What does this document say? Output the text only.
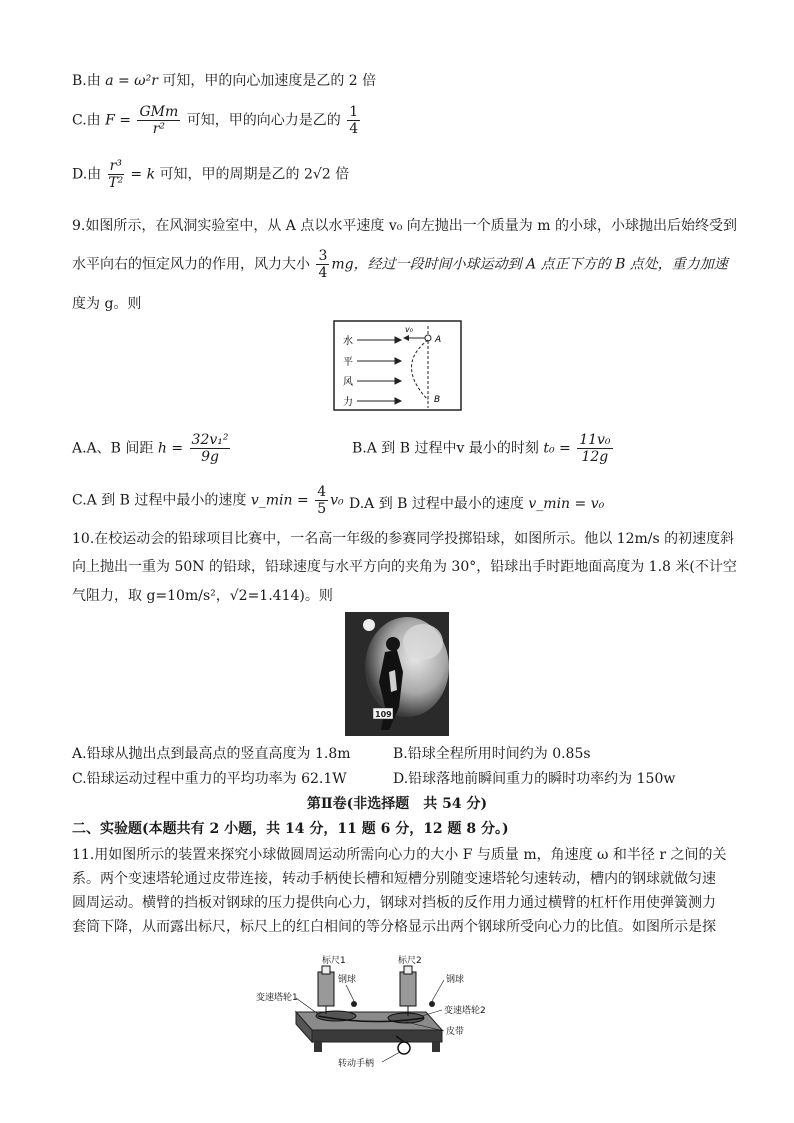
B.由 a = ω²r 可知，甲的向心加速度是乙的 2 倍
C.由 $F = \frac{\text{GMm}}{\text{r²}}$ 可知，甲的向心力是乙的 $\frac{1}{4}$
D.由 $\frac{\text{r³}}{\text{T²}} = k$ 可知，甲的周期是乙的 2√2 倍
9.如图所示，在风洞实验室中，从 A 点以水平速度 v₀ 向左抛出一个质量为 m 的小球，小球抛出后始终受到
水平向右的恒定风力的作用，风力大小 $\frac{3}{4}$ mg，经过一段时间小球运动到 A 点正下方的 B 点处，重力加速
度为 g。则
水
平
风
力
v₀
A
B
A.A、B 间距 $h = \frac{\text{32v₁²}}{9g}$	B.A 到 B 过程中v 最小的时刻 $t_0 = \frac{\text{11v₀}}{12g}$
C.A 到 B 过程中最小的速度 v_min = $\frac{4}{5} v_0$ D.A 到 B 过程中最小的速度 v_min = v₀
10.在校运动会的铅球项目比赛中，一名高一年级的参赛同学投掷铅球，如图所示。他以 12m/s 的初速度斜
向上抛出一重为 50N 的铅球，铅球速度与水平方向的夹角为 30°，铅球出手时距地面高度为 1.8 米(不计空
气阻力，取 g=10m/s²，√2=1.414)。则
109
A.铅球从抛出点到最高点的竖直高度为 1.8m	B.铅球全程所用时间约为 0.85s
C.铅球运动过程中重力的平均功率为 62.1W	D.铅球落地前瞬间重力的瞬时功率约为 150w
第Ⅱ卷(非选择题　共 54 分)
二、实验题(本题共有 2 小题，共 14 分，11 题 6 分，12 题 8 分。)
11.用如图所示的装置来探究小球做圆周运动所需向心力的大小 F 与质量 m，角速度 ω 和半径 r 之间的关
系。两个变速塔轮通过皮带连接，转动手柄使长槽和短槽分别随变速塔轮匀速转动，槽内的钢球就做匀速
圆周运动。横臂的挡板对钢球的压力提供向心力，钢球对挡板的反作用力通过横臂的杠杆作用使弹簧测力
套筒下降，从而露出标尺，标尺上的红白相间的等分格显示出两个钢球所受向心力的比值。如图所示是探
标尺1	标尺2
钢球	钢球
变速塔轮1
变速塔轮2
皮带
转动手柄
